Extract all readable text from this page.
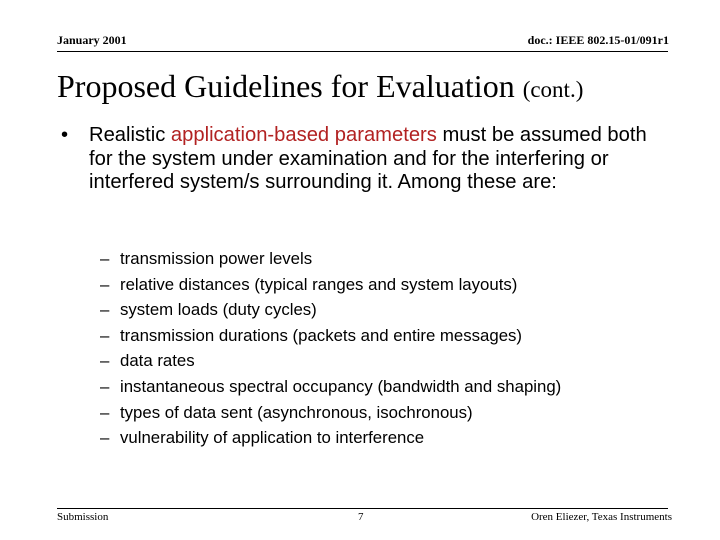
January 2001	doc.: IEEE 802.15-01/091r1
Proposed Guidelines for Evaluation (cont.)
• Realistic application-based parameters must be assumed both for the system under examination and for the interfering or interfered system/s surrounding it. Among these are:
– transmission power levels
– relative distances (typical ranges and system layouts)
– system loads (duty cycles)
– transmission durations (packets and entire messages)
– data rates
– instantaneous spectral occupancy (bandwidth and shaping)
– types of data sent (asynchronous, isochronous)
– vulnerability of application to interference
Submission	7	Oren Eliezer, Texas Instruments
